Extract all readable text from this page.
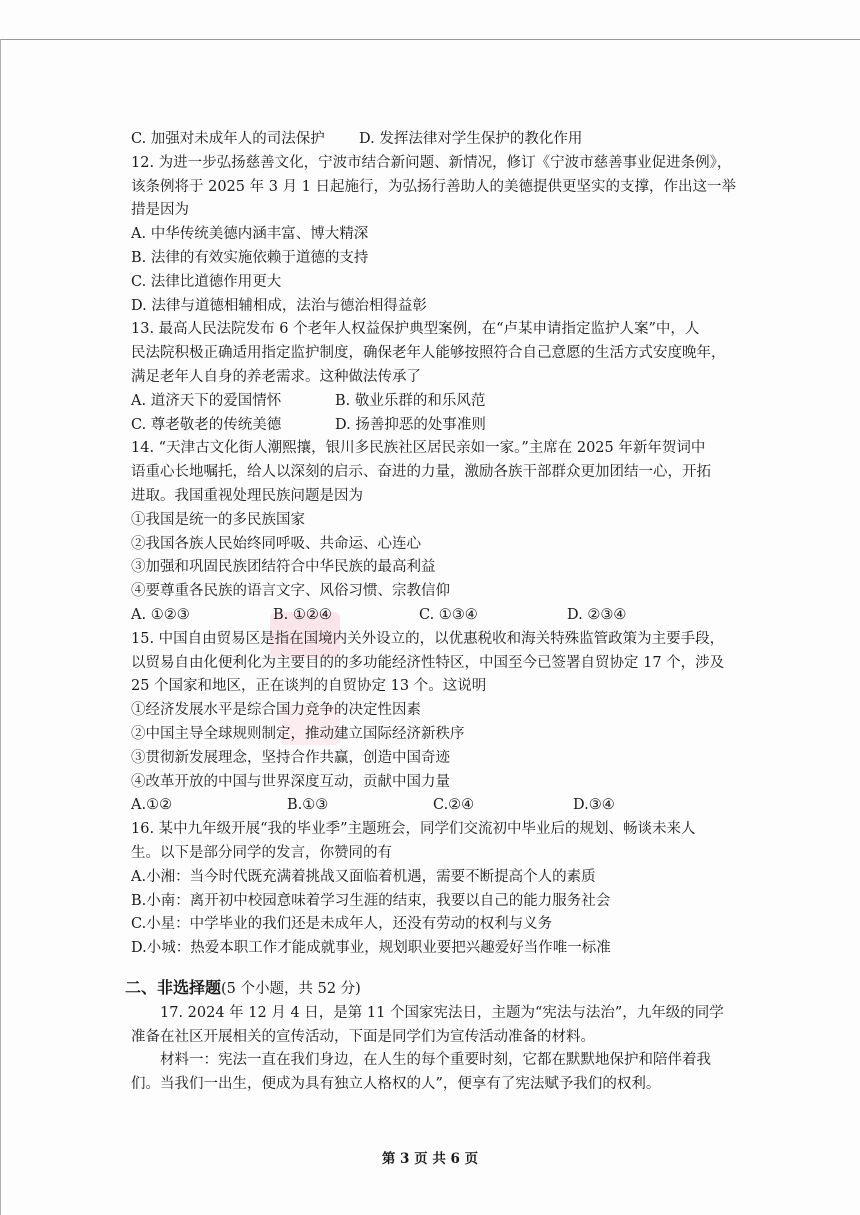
C. 加强对未成年人的司法保护	D. 发挥法律对学生保护的教化作用
12. 为进一步弘扬慈善文化，宁波市结合新问题、新情况，修订《宁波市慈善事业促进条例》，
该条例将于 2025 年 3 月 1 日起施行，为弘扬行善助人的美德提供更坚实的支撑，作出这一举
措是因为
A. 中华传统美德内涵丰富、博大精深
B. 法律的有效实施依赖于道德的支持
C. 法律比道德作用更大
D. 法律与道德相辅相成，法治与德治相得益彰
13. 最高人民法院发布 6 个老年人权益保护典型案例，在“卢某申请指定监护人案”中，人
民法院积极正确适用指定监护制度，确保老年人能够按照符合自己意愿的生活方式安度晚年，
满足老年人自身的养老需求。这种做法传承了
A. 道济天下的爱国情怀	B. 敬业乐群的和乐风范
C. 尊老敬老的传统美德	D. 扬善抑恶的处事准则
14. “天津古文化街人潮熙攘，银川多民族社区居民亲如一家。”主席在 2025 年新年贺词中
语重心长地嘱托，给人以深刻的启示、奋进的力量，激励各族干部群众更加团结一心，开拓
进取。我国重视处理民族问题是因为
①我国是统一的多民族国家
②我国各族人民始终同呼吸、共命运、心连心
③加强和巩固民族团结符合中华民族的最高利益
④要尊重各民族的语言文字、风俗习惯、宗教信仰
A. ①②③	B. ①②④	C. ①③④	D. ②③④
15. 中国自由贸易区是指在国境内关外设立的，以优惠税收和海关特殊监管政策为主要手段，
以贸易自由化便利化为主要目的的多功能经济性特区，中国至今已签署自贸协定 17 个，涉及
25 个国家和地区，正在谈判的自贸协定 13 个。这说明
①经济发展水平是综合国力竞争的决定性因素
②中国主导全球规则制定，推动建立国际经济新秩序
③贯彻新发展理念，坚持合作共赢，创造中国奇迹
④改革开放的中国与世界深度互动，贡献中国力量
A.①②	B.①③	C.②④	D.③④
16. 某中九年级开展“我的毕业季”主题班会，同学们交流初中毕业后的规划、畅谈未来人
生。以下是部分同学的发言，你赞同的有
A.小湘：当今时代既充满着挑战又面临着机遇，需要不断提高个人的素质
B.小南：离开初中校园意味着学习生涯的结束，我要以自己的能力服务社会
C.小星：中学毕业的我们还是未成年人，还没有劳动的权利与义务
D.小城：热爱本职工作才能成就事业，规划职业要把兴趣爱好当作唯一标准
二、非选择题(5 个小题，共 52 分)
17. 2024 年 12 月 4 日，是第 11 个国家宪法日，主题为“宪法与法治”，九年级的同学
准备在社区开展相关的宣传活动，下面是同学们为宣传活动准备的材料。
材料一：宪法一直在我们身边，在人生的每个重要时刻，它都在默默地保护和陪伴着我
们。当我们一出生，便成为具有独立人格权的人”，便享有了宪法赋予我们的权利。
第 3 页 共 6 页
